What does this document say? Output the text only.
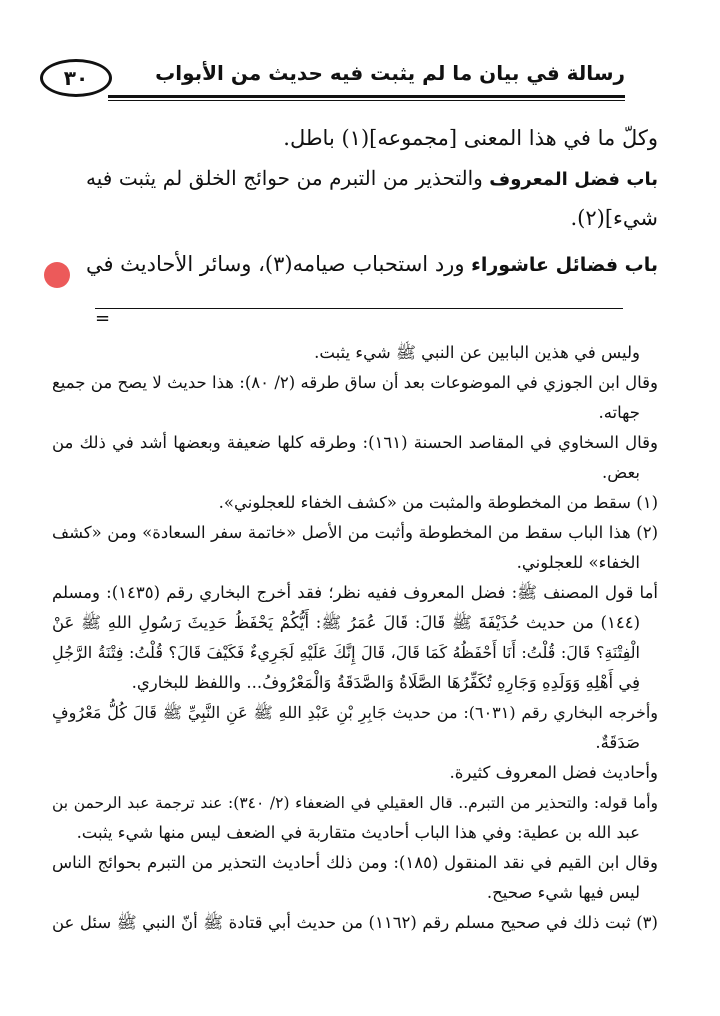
٣٠	رسالة في بيان ما لم يثبت فيه حديث من الأبواب
وكلّ ما في هذا المعنى [مجموعه](١) باطل.
باب فضل المعروف والتحذير من التبرم من حوائج الخلق لم يثبت فيه
شيء](٢).
باب فضائل عاشوراء ورد استحباب صيامه(٣)، وسائر الأحاديث في
=
وليس في هذين البابين عن النبي ﷺ شيء يثبت.
وقال ابن الجوزي في الموضوعات بعد أن ساق طرقه (٢/ ٨٠): هذا حديث لا يصح من جميع
جهاته.
وقال السخاوي في المقاصد الحسنة (١٦١): وطرقه كلها ضعيفة وبعضها أشد في ذلك من
بعض.
(١) سقط من المخطوطة والمثبت من «كشف الخفاء للعجلوني».
(٢) هذا الباب سقط من المخطوطة وأثبت من الأصل «خاتمة سفر السعادة» ومن «كشف
الخفاء» للعجلوني.
أما قول المصنف ﷺ: فضل المعروف ففيه نظر؛ فقد أخرج البخاري رقم (١٤٣٥): ومسلم
(١٤٤) من حديث حُذَيْفَةَ ﷺ قَالَ: قَالَ عُمَرُ ﷺ: أَيُّكُمْ يَحْفَظُ حَدِيثَ رَسُولِ اللهِ ﷺ عَنْ
الْفِتْنَةِ؟ قَالَ: قُلْتُ: أَنَا أَحْفَظُهُ كَمَا قَالَ، قَالَ إِنَّكَ عَلَيْهِ لَجَرِيءٌ فَكَيْفَ قَالَ؟ قُلْتُ: فِتْنَةُ الرَّجُلِ
فِي أَهْلِهِ وَوَلَدِهِ وَجَارِهِ تُكَفِّرُهَا الصَّلَاةُ وَالصَّدَقَةُ وَالْمَعْرُوفُ... واللفظ للبخاري.
وأخرجه البخاري رقم (٦٠٣١): من حديث جَابِرِ بْنِ عَبْدِ اللهِ ﷺ عَنِ النَّبِيِّ ﷺ قَالَ كُلُّ مَعْرُوفٍ
صَدَقَةٌ.
وأحاديث فضل المعروف كثيرة.
وأما قوله: والتحذير من التبرم.. قال العقيلي في الضعفاء (٢/ ٣٤٠): عند ترجمة عبد الرحمن بن
عبد الله بن عطية: وفي هذا الباب أحاديث متقاربة في الضعف ليس منها شيء يثبت.
وقال ابن القيم في نقد المنقول (١٨٥): ومن ذلك أحاديث التحذير من التبرم بحوائج الناس
ليس فيها شيء صحيح.
(٣) ثبت ذلك في صحيح مسلم رقم (١١٦٢) من حديث أبي قتادة ﷺ أنّ النبي ﷺ سئل عن
